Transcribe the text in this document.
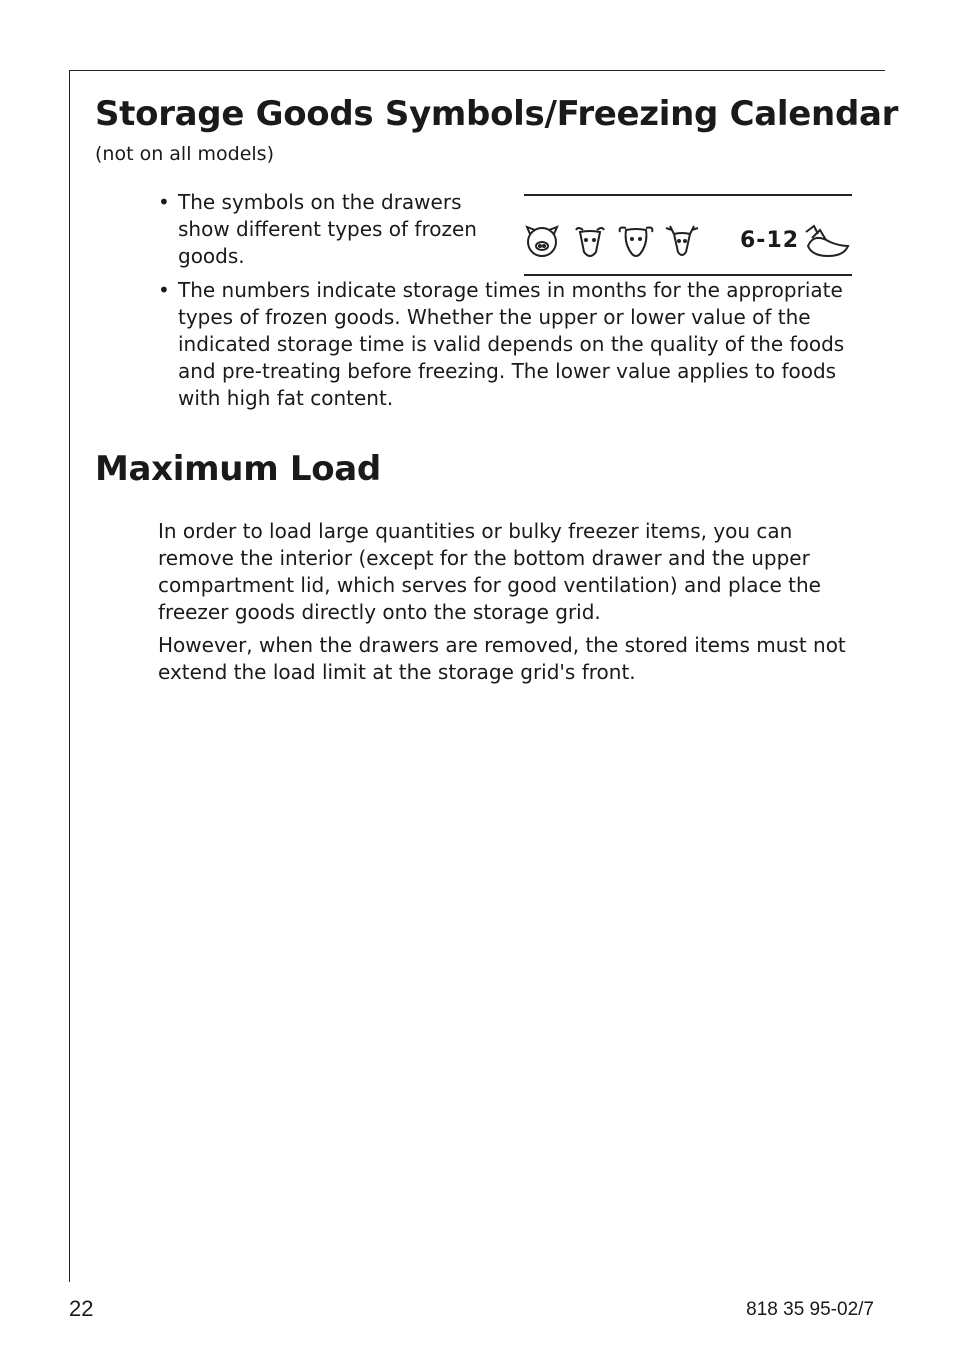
Storage Goods Symbols/Freezing Calendar
(not on all models)
• The symbols on the drawers show different types of frozen goods.
6-12
• The numbers indicate storage times in months for the appropriate types of frozen goods. Whether the upper or lower value of the indicated storage time is valid depends on the quality of the foods and pre-treating before freezing. The lower value applies to foods with high fat content.
Maximum Load

In order to load large quantities or bulky freezer items, you can remove the interior (except for the bottom drawer and the upper compartment lid, which serves for good ventilation) and place the freezer goods directly onto the storage grid.

However, when the drawers are removed, the stored items must not extend the load limit at the storage grid's front.

22	818 35 95-02/7
